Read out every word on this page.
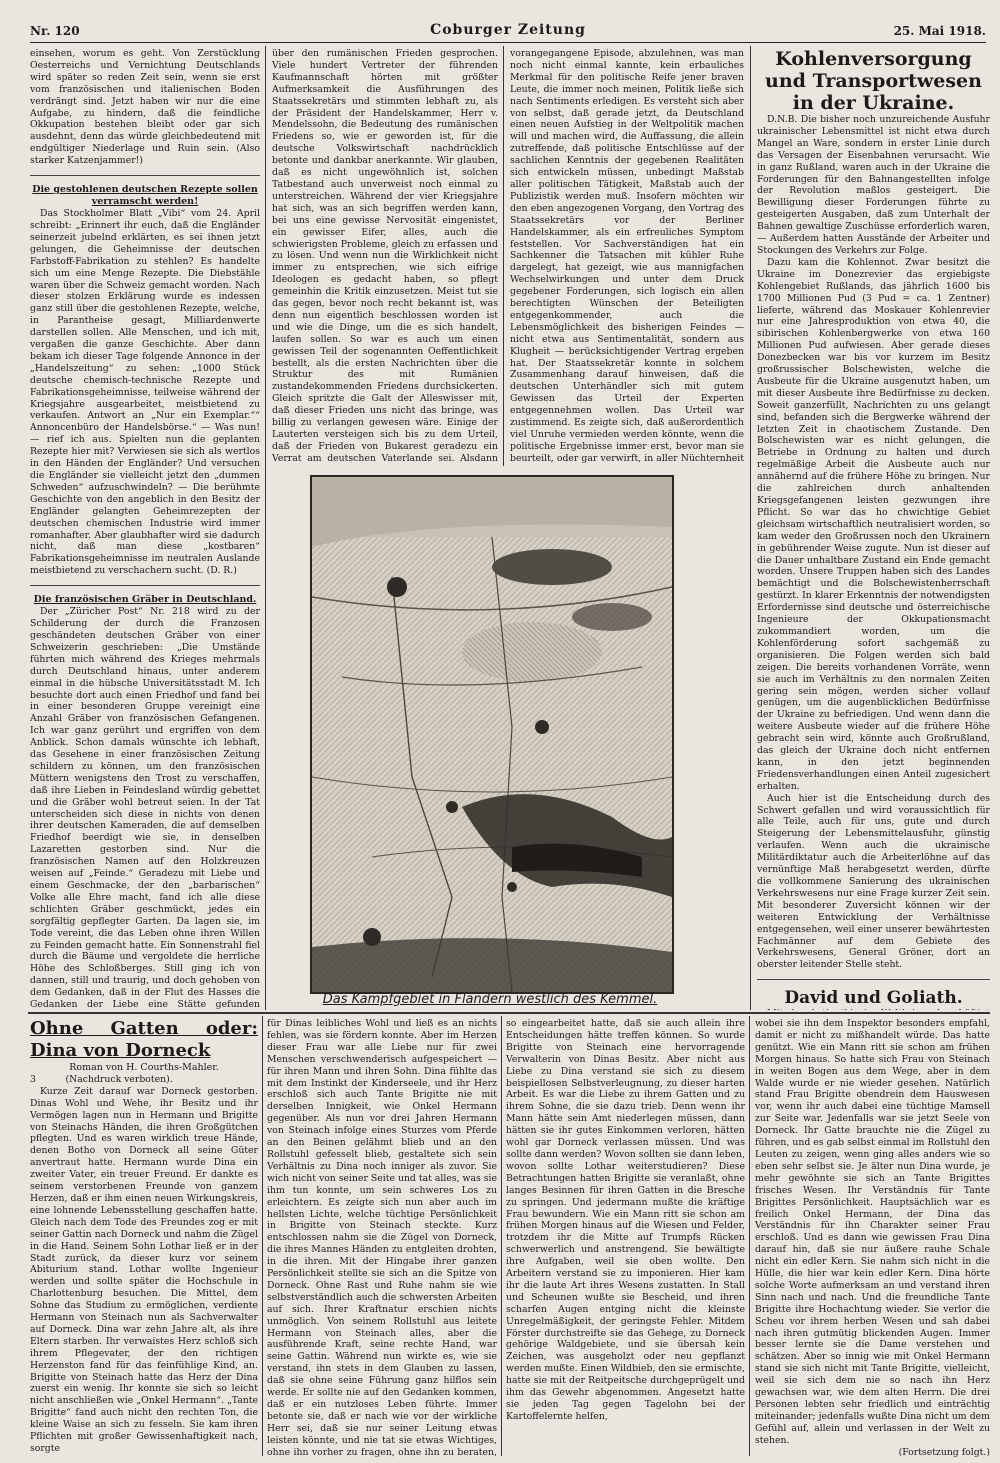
Nr. 120	Coburger Zeitung	25. Mai 1918.

einsehen, worum es geht. Von Zerstücklung Oesterreichs und Vernichtung Deutschlands wird später so reden Zeit sein, wenn sie erst vom französischen und italienischen Boden verdrängt sind. Jetzt haben wir nur die eine Aufgabe, zu hindern, daß die feindliche Okkupation bestehen bleibt oder gar sich ausdehnt, denn das würde gleichbedeutend mit endgültiger Niederlage und Ruin sein. (Also starker Katzenjammer!)

Die gestohlenen deutschen Rezepte sollen verramscht werden!

Das Stockholmer Blatt „Vibi“ vom 24. April schreibt: „Erinnert ihr euch, daß die Engländer seinerzeit jubelnd erklärten, es sei ihnen jetzt gelungen, die Geheimnisse der deutschen Farbstoff-Fabrikation zu stehlen? Es handelte sich um eine Menge Rezepte. Die Diebstähle waren über die Schweiz gemacht worden. Nach dieser stolzen Erklärung wurde es indessen ganz still über die gestohlenen Rezepte, welche, in Parantheise gesagt, Milliardenwerte darstellen sollen. Alle Menschen, und ich mit, vergaßen die ganze Geschichte. Aber dann bekam ich dieser Tage folgende Annonce in der „Handelszeitung“ zu sehen: „1000 Stück deutsche chemisch-technische Rezepte und Fabrikationsgeheimnisse, teilweise während der Kriegsjahre ausgearbeitet, meistbietend zu verkaufen. Antwort an „Nur ein Exemplar.““ Annoncenbüro der Handelsbörse.“ — Was nun! — rief ich aus. Spielten nun die geplanten Rezepte hier mit? Verwiesen sie sich als wertlos in den Händen der Engländer? Und versuchen die Engländer sie vielleicht jetzt den „dummen Schweden“ aufzuschwindeln? — Die berühmte Geschichte von den angeblich in den Besitz der Engländer gelangten Geheimrezepten der deutschen chemischen Industrie wird immer romanhafter. Aber glaubhafter wird sie dadurch nicht, daß man diese „kostbaren“ Fabrikationsgeheimnisse im neutralen Auslande meistbietend zu verschachern sucht. (D. R.)

Die französischen Gräber in Deutschland.

Der „Züricher Post“ Nr. 218 wird zu der Schilderung der durch die Franzosen geschändeten deutschen Gräber von einer Schweizerin geschrieben: „Die Umstände führten mich während des Krieges mehrmals durch Deutschland hinaus, unter anderem einmal in die hübsche Universitätsstadt M. Ich besuchte dort auch einen Friedhof und fand bei in einer besonderen Gruppe vereinigt eine Anzahl Gräber von französischen Gefangenen. Ich war ganz gerührt und ergriffen von dem Anblick. Schon damals wünschte ich lebhaft, das Gesehene in einer französischen Zeitung schildern zu können, um den französischen Müttern wenigstens den Trost zu verschaffen, daß ihre Lieben in Feindesland würdig gebettet und die Gräber wohl betreut seien. In der Tat unterscheiden sich diese in nichts von denen ihrer deutschen Kameraden, die auf demselben Friedhof beerdigt wie sie, in denselben Lazaretten gestorben sind. Nur die französischen Namen auf den Holzkreuzen weisen auf „Feinde.“ Geradezu mit Liebe und einem Geschmacke, der den „barbarischen“ Volke alle Ehre macht, fand ich alle diese schlichten Gräber geschmückt, jedes ein sorgfältig gepflegter Garten. Da lagen sie, im Tode vereint, die das Leben ohne ihren Willen zu Feinden gemacht hatte. Ein Sonnenstrahl fiel durch die Bäume und vergoldete die herrliche Höhe des Schloßberges. Still ging ich von dannen, still und traurig, und doch gehoben von dem Gedanken, daß in der Flut des Hasses die Gedanken der Liebe eine Stätte gefunden

über den rumänischen Frieden gesprochen. Viele hundert Vertreter der führenden Kaufmannschaft hörten mit größter Aufmerksamkeit die Ausführungen des Staatssekretärs und stimmten lebhaft zu, als der Präsident der Handelskammer, Herr v. Mendelssohn, die Bedeutung des rumänischen Friedens so, wie er geworden ist, für die deutsche Volkswirtschaft nachdrücklich betonte und dankbar anerkannte. Wir glauben, daß es nicht ungewöhnlich ist, solchen Tatbestand auch unverweist noch einmal zu unterstreichen. Während der vier Kriegsjahre hat sich, was an sich begriffen werden kann, bei uns eine gewisse Nervosität eingenistet, ein gewisser Eifer, alles, auch die schwierigsten Probleme, gleich zu erfassen und zu lösen. Und wenn nun die Wirklichkeit nicht immer zu entsprechen, wie sich eifrige Ideologen es gedacht haben, so pflegt gemeinhin die Kritik einzusetzen. Meist tut sie das gegen, bevor noch recht bekannt ist, was denn nun eigentlich beschlossen worden ist und wie die Dinge, um die es sich handelt, laufen sollen. So war es auch um einen gewissen Teil der sogenannten Oeffentlichkeit bestellt, als die ersten Nachrichten über die Struktur des mit Rumänien zustandekommenden Friedens durchsickerten. Gleich spritzte die Galt der Alleswisser mit, daß dieser Frieden uns nicht das bringe, was billig zu verlangen gewesen wäre. Einige der Lauterten versteigen sich bis zu dem Urteil, daß der Frieden von Bukarest geradezu ein Verrat am deutschen Vaterlande sei. Alsdann

vorangegangene Episode, abzulehnen, was man noch nicht einmal kannte, kein erbauliches Merkmal für den politische Reife jener braven Leute, die immer noch meinen, Politik ließe sich nach Sentiments erledigen. Es versteht sich aber von selbst, daß gerade jetzt, da Deutschland einen neuen Aufstieg in der Weltpolitik machen will und machen wird, die Auffassung, die allein zutreffende, daß politische Entschlüsse auf der sachlichen Kenntnis der gegebenen Realitäten sich entwickeln müssen, unbedingt Maßstab aller politischen Tätigkeit, Maßstab auch der Publizistik werden muß. Insofern möchten wir den eben angezogenen Vorgang, den Vortrag des Staatssekretärs vor der Berliner Handelskammer, als ein erfreuliches Symptom feststellen. Vor Sachverständigen hat ein Sachkenner die Tatsachen mit kühler Ruhe dargelegt, hat gezeigt, wie aus mannigfachen Wechselwirkungen und unter dem Druck gegebener Forderungen, sich logisch ein allen berechtigten Wünschen der Beteiligten entgegenkommender, auch die Lebensmöglichkeit des bisherigen Feindes — nicht etwa aus Sentimentalität, sondern aus Klugheit — berücksichtigender Vertrag ergeben hat. Der Staatssekretär konnte in solchem Zusammenhang darauf hinweisen, daß die deutschen Unterhändler sich mit gutem Gewissen das Urteil der Experten entgegennehmen wollen. Das Urteil war zustimmend. Es zeigte sich, daß außerordentlich viel Unruhe vermieden werden könnte, wenn die politische Ergebnisse immer erst, bevor man sie beurteilt, oder gar verwirft, in aller Nüchternheit

Das Kampfgebiet in Flandern westlich des Kemmel.

Kohlenversorgung und Transportwesen in der Ukraine.

D.N.B. Die bisher noch unzureichende Ausfuhr ukrainischer Lebensmittel ist nicht etwa durch Mangel an Ware, sondern in erster Linie durch das Versagen der Eisenbahnen verursacht. Wie in ganz Rußland, waren auch in der Ukraine die Forderungen für den Bahnangestellten infolge der Revolution maßlos gesteigert. Die Bewilligung dieser Forderungen führte zu gesteigerten Ausgaben, daß zum Unterhalt der Bahnen gewaltige Zuschüsse erforderlich waren, — Außerdem hatten Ausstände der Arbeiter und Stockungen des Verkehrs zur Folge.

Dazu kam die Kohlennot. Zwar besitzt die Ukraine im Donezrevier das ergiebigste Kohlengebiet Rußlands, das jährlich 1600 bis 1700 Millionen Pud (3 Pud = ca. 1 Zentner) lieferte, während das Moskauer Kohlenrevier nur eine Jahresproduktion von etwa 40, die sibirischen Kohlenbergwerke von etwa 160 Millionen Pud aufwiesen. Aber gerade dieses Donezbecken war bis vor kurzem im Besitz großrussischer Bolschewisten, welche die Ausbeute für die Ukraine ausgenutzt haben, um mit dieser Ausbeute ihre Bedürfnisse zu decken. Soweit ganzerfüllt, Nachrichten zu uns gelangt sind, befanden sich die Bergwerke während der letzten Zeit in chaotischem Zustande. Den Bolschewisten war es nicht gelungen, die Betriebe in Ordnung zu halten und durch regelmäßige Arbeit die Ausbeute auch nur annähernd auf die frühere Höhe zu bringen. Nur die zahlreichen durch anhaltenden Kriegsgefangenen leisten gezwungen ihre Pflicht. So war das ho chwichtige Gebiet gleichsam wirtschaftlich neutralisiert worden, so kam weder den Großrussen noch den Ukrainern in gebührender Weise zugute. Nun ist dieser auf die Dauer unhaltbare Zustand ein Ende gemacht worden. Unsere Truppen haben sich des Landes bemächtigt und die Bolschewistenherrschaft gestürzt. In klarer Erkenntnis der notwendigsten Erfordernisse sind deutsche und österreichische Ingenieure der Okkupationsmacht zukommandiert worden, um die Kohlenförderung sofort sachgemäß zu organisieren. Die Folgen werden sich bald zeigen. Die bereits vorhandenen Vorräte, wenn sie auch im Verhältnis zu den normalen Zeiten gering sein mögen, werden sicher vollauf genügen, um die augenblicklichen Bedürfnisse der Ukraine zu befriedigen. Und wenn dann die weitere Ausbeute wieder auf die frühere Höhe gebracht sein wird, könnte auch Großrußland, das gleich der Ukraine doch nicht entfernen kann, in den jetzt beginnenden Friedensverhandlungen einen Anteil zugesichert erhalten.

Auch hier ist die Entscheidung durch des Schwert gefallen und wird voraussichtlich für alle Teile, auch für uns, gute und durch Steigerung der Lebensmittelausfuhr, günstig verlaufen. Wenn auch die ukrainische Militärdiktatur auch die Arbeiterlöhne auf das vernünftige Maß herabgesetzt werden, dürfte die vollkommene Sanierung des ukrainischen Verkehrswesens nur eine Frage kurzer Zeit sein. Mit besonderer Zuversicht können wir der weiteren Entwicklung der Verhältnisse entgegensehen, weil einer unserer bewährtesten Fachmänner auf dem Gebiete des Verkehrswesens, General Gröner, dort an oberster leitender Stelle steht.

David und Goliath.

Ohne Gatten oder: Dina von Dorneck

Roman von H. Courths-Mahler.

3	(Nachdruck verboten).

Kurze Zeit darauf war Dorneck gestorben. Dinas Wohl und Wehe, ihr Besitz und ihr Vermögen lagen nun in Hermann und Brigitte von Steinachs Händen, die ihren Großgütchen pflegten. Und es waren wirklich treue Hände, denen Botho von Dorneck all seine Güter anvertraut hatte. Hermann wurde Dina ein zweiter Vater, ein treuer Freund. Er dankte es seinem verstorbenen Freunde von ganzem Herzen, daß er ihm einen neuen Wirkungskreis, eine lohnende Lebensstellung geschaffen hatte. Gleich nach dem Tode des Freundes zog er mit seiner Gattin nach Dorneck und nahm die Zügel in die Hand. Seinem Sohn Lothar ließ er in der Stadt zurück, da dieser kurz vor seinem Abiturium stand. Lothar wollte Ingenieur werden und sollte später die Hochschule in Charlottenburg besuchen. Die Mittel, dem Sohne das Studium zu ermöglichen, verdiente Hermann von Steinach nun als Sachverwalter auf Dorneck. Dina war zehn Jahre alt, als ihre Eltern starben. Ihr verwaistes Herz schloß sich ihrem Pflegevater, der den richtigen Herzenston fand für das feinfühlige Kind, an. Brigitte von Steinach hatte das Herz der Dina zuerst ein wenig. Ihr konnte sie sich so leicht nicht anschließen wie „Onkel Hermann“. „Tante Brigitte“ fand auch nicht den rechten Ton, die kleine Waise an sich zu fesseln. Sie kam ihren Pflichten mit großer Gewissenhaftigkeit nach, sorgte

für Dinas leibliches Wohl und ließ es an nichts fehlen, was sie fördern konnte. Aber im Herzen dieser Frau war alle Liebe nur für zwei Menschen verschwenderisch aufgespeichert — für ihren Mann und ihren Sohn. Dina fühlte das mit dem Instinkt der Kinderseele, und ihr Herz erschloß sich auch Tante Brigitte nie mit derselben Innigkeit, wie Onkel Hermann gegenüber. Als nun vor drei Jahren Hermann von Steinach infolge eines Sturzes vom Pferde an den Beinen gelähmt blieb und an den Rollstuhl gefesselt blieb, gestaltete sich sein Verhältnis zu Dina noch inniger als zuvor. Sie wich nicht von seiner Seite und tat alles, was sie ihm tun konnte, um sein schweres Los zu erleichtern. Es zeigte sich nun aber auch im hellsten Lichte, welche tüchtige Persönlichkeit in Brigitte von Steinach steckte. Kurz entschlossen nahm sie die Zügel von Dorneck, die ihres Mannes Händen zu entgleiten drohten, in die ihren. Mit der Hingabe ihrer ganzen Persönlichkeit stellte sie sich an die Spitze von Dorneck. Ohne Rast und Ruhe nahm sie wie selbstverständlich auch die schwersten Arbeiten auf sich. Ihrer Kraftnatur erschien nichts unmöglich. Von seinem Rollstuhl aus leitete Hermann von Steinach alles, aber die ausführende Kraft, seine rechte Hand, war seine Gattin. Während nun wirkte es, wie sie verstand, ihn stets in dem Glauben zu lassen, daß sie ohne seine Führung ganz hilflos sein werde. Er sollte nie auf den Gedanken kommen, daß er ein nutzloses Leben führte. Immer betonte sie, daß er nach wie vor der wirkliche Herr sei, daß sie nur seiner Leitung etwas leisten könnte, und nie tat sie etwas Wichtiges, ohne ihn vorher zu fragen, ohne ihn zu beraten,

so eingearbeitet hatte, daß sie auch allein ihre Entscheidungen hätte treffen können. So wurde Brigitte von Steinach eine hervorragende Verwalterin von Dinas Besitz. Aber nicht aus Liebe zu Dina verstand sie sich zu diesem beispiellosen Selbstverleugnung, zu dieser harten Arbeit. Es war die Liebe zu ihrem Gatten und zu ihrem Sohne, die sie dazu trieb. Denn wenn ihr Mann hätte sein Amt niederlegen müssen, dann hätten sie ihr gutes Einkommen verloren, hätten wohl gar Dorneck verlassen müssen. Und was sollte dann werden? Wovon sollten sie dann leben, wovon sollte Lothar weiterstudieren? Diese Betrachtungen hatten Brigitte sie veranlaßt, ohne langes Besinnen für ihren Gatten in die Bresche zu springen. Und jedermann mußte die kräftige Frau bewundern. Wie ein Mann ritt sie schon am frühen Morgen hinaus auf die Wiesen und Felder, trotzdem ihr die Mitte auf Trumpfs Rücken schwerwerlich und anstrengend. Sie bewältigte ihre Aufgaben, weil sie oben wollte. Den Arbeitern verstand sie zu imponieren. Hier kam ihr die laute Art ihres Wesens zustatten. In Stall und Scheunen wußte sie Bescheid, und ihren scharfen Augen entging nicht die kleinste Unregelmäßigkeit, der geringste Fehler. Mitdem Förster durchstreifte sie das Gehege, zu Dorneck gehörige Waldgebiete, und sie übersah kein Zeichen, was ausgeholzt oder neu gepflanzt werden mußte. Einen Wildbieb, den sie ermischte, hatte sie mit der Reitpeitsche durchgeprügelt und ihm das Gewehr abgenommen. Angesetzt hatte sie jeden Tag gegen Tagelohn bei der Kartoffelernte helfen,

wobei sie ihn dem Inspektor besonders empfahl, damit er nicht zu mißhandelt würde. Das hatte genützt. Wie ein Mann ritt sie schon am frühen Morgen hinaus. So hatte sich Frau von Steinach in weiten Bogen aus dem Wege, aber in dem Walde wurde er nie wieder gesehen. Natürlich stand Frau Brigitte obendrein dem Hauswesen vor, wenn ihr auch dabei eine tüchtige Mamsell zur Seite war. Jedenfalls war sie jetzt Seele von Dorneck. Ihr Gatte brauchte nie die Zügel zu führen, und es gab selbst einmal im Rollstuhl den Leuten zu zeigen, wenn ging alles anders wie so eben sehr selbst sie. Je älter nun Dina wurde, je mehr gewöhnte sie sich an Tante Brigittes frisches Wesen. Ihr Verständnis für Tante Brigittes Persönlichkeit. Hauptsächlich war es freilich Onkel Hermann, der Dina das Verständnis für ihn Charakter seiner Frau erschloß. Und es dann wie gewissen Frau Dina darauf hin, daß sie nur äußere rauhe Schale nicht ein edler Kern. Sie nahm sich nicht in die Hülle, die hier war kein edler Kern. Dina hörte solche Worte aufmerksam an und verstand ihren Sinn nach und nach. Und die freundliche Tante Brigitte ihre Hochachtung wieder. Sie verlor die Scheu vor ihrem herben Wesen und sah dabei nach ihren gutmütig blickenden Augen. Immer besser lernte sie die Dame verstehen und schätzen. Aber so innig wie mit Onkel Hermann stand sie sich nicht mit Tante Brigitte, vielleicht, weil sie sich dem nie so nach ihn Herz gewachsen war, wie dem alten Herrn. Die drei Personen lebten sehr friedlich und einträchtig miteinander; jedenfalls wußte Dina nicht um dem Gefühl auf, allein und verlassen in der Welt zu stehen.

(Fortsetzung folgt.)
